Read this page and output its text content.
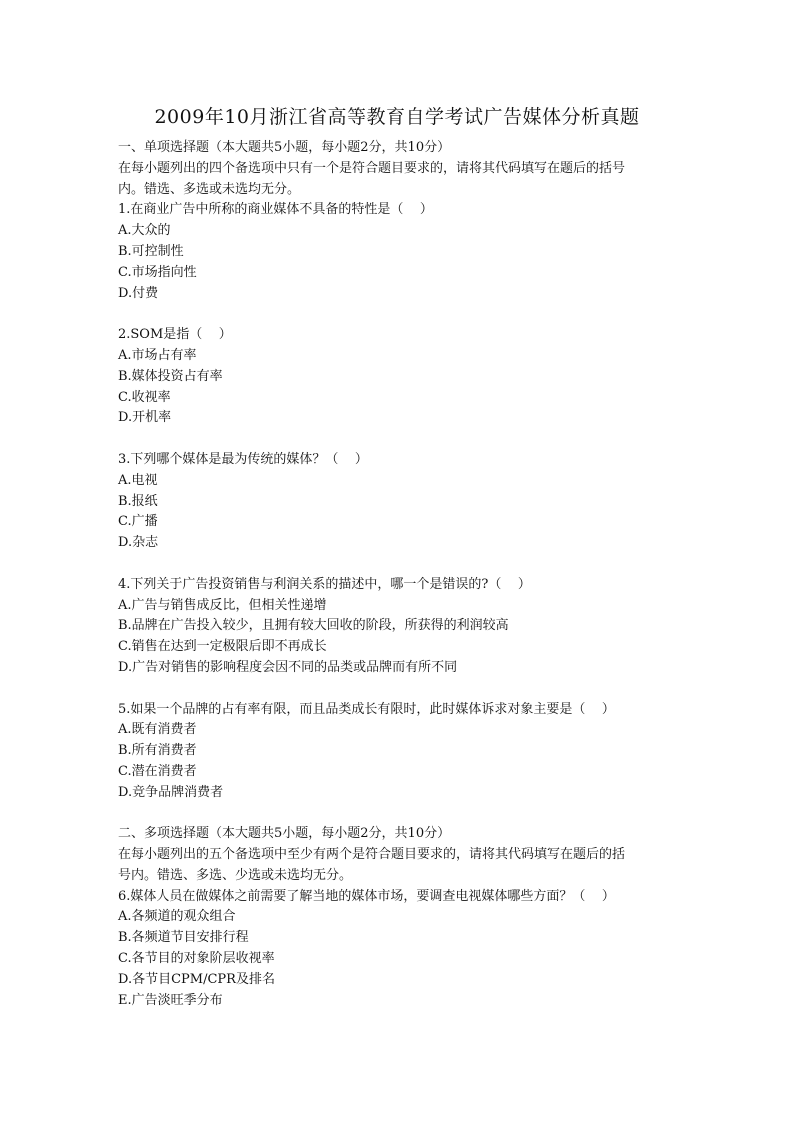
2009年10月浙江省高等教育自学考试广告媒体分析真题
一、单项选择题（本大题共5小题，每小题2分，共10分）
在每小题列出的四个备选项中只有一个是符合题目要求的，请将其代码填写在题后的括号
内。错选、多选或未选均无分。
1.在商业广告中所称的商业媒体不具备的特性是（    ）
A.大众的
B.可控制性
C.市场指向性
D.付费
2.SOM是指（    ）
A.市场占有率
B.媒体投资占有率
C.收视率
D.开机率
3.下列哪个媒体是最为传统的媒体？（    ）
A.电视
B.报纸
C.广播
D.杂志
4.下列关于广告投资销售与利润关系的描述中，哪一个是错误的?（    ）
A.广告与销售成反比，但相关性递增
B.品牌在广告投入较少，且拥有较大回收的阶段，所获得的利润较高
C.销售在达到一定极限后即不再成长
D.广告对销售的影响程度会因不同的品类或品牌而有所不同
5.如果一个品牌的占有率有限，而且品类成长有限时，此时媒体诉求对象主要是（    ）
A.既有消费者
B.所有消费者
C.潜在消费者
D.竞争品牌消费者
二、多项选择题（本大题共5小题，每小题2分，共10分）
在每小题列出的五个备选项中至少有两个是符合题目要求的，请将其代码填写在题后的括
号内。错选、多选、少选或未选均无分。
6.媒体人员在做媒体之前需要了解当地的媒体市场，要调查电视媒体哪些方面？（    ）
A.各频道的观众组合
B.各频道节目安排行程
C.各节目的对象阶层收视率
D.各节目CPM/CPR及排名
E.广告淡旺季分布
